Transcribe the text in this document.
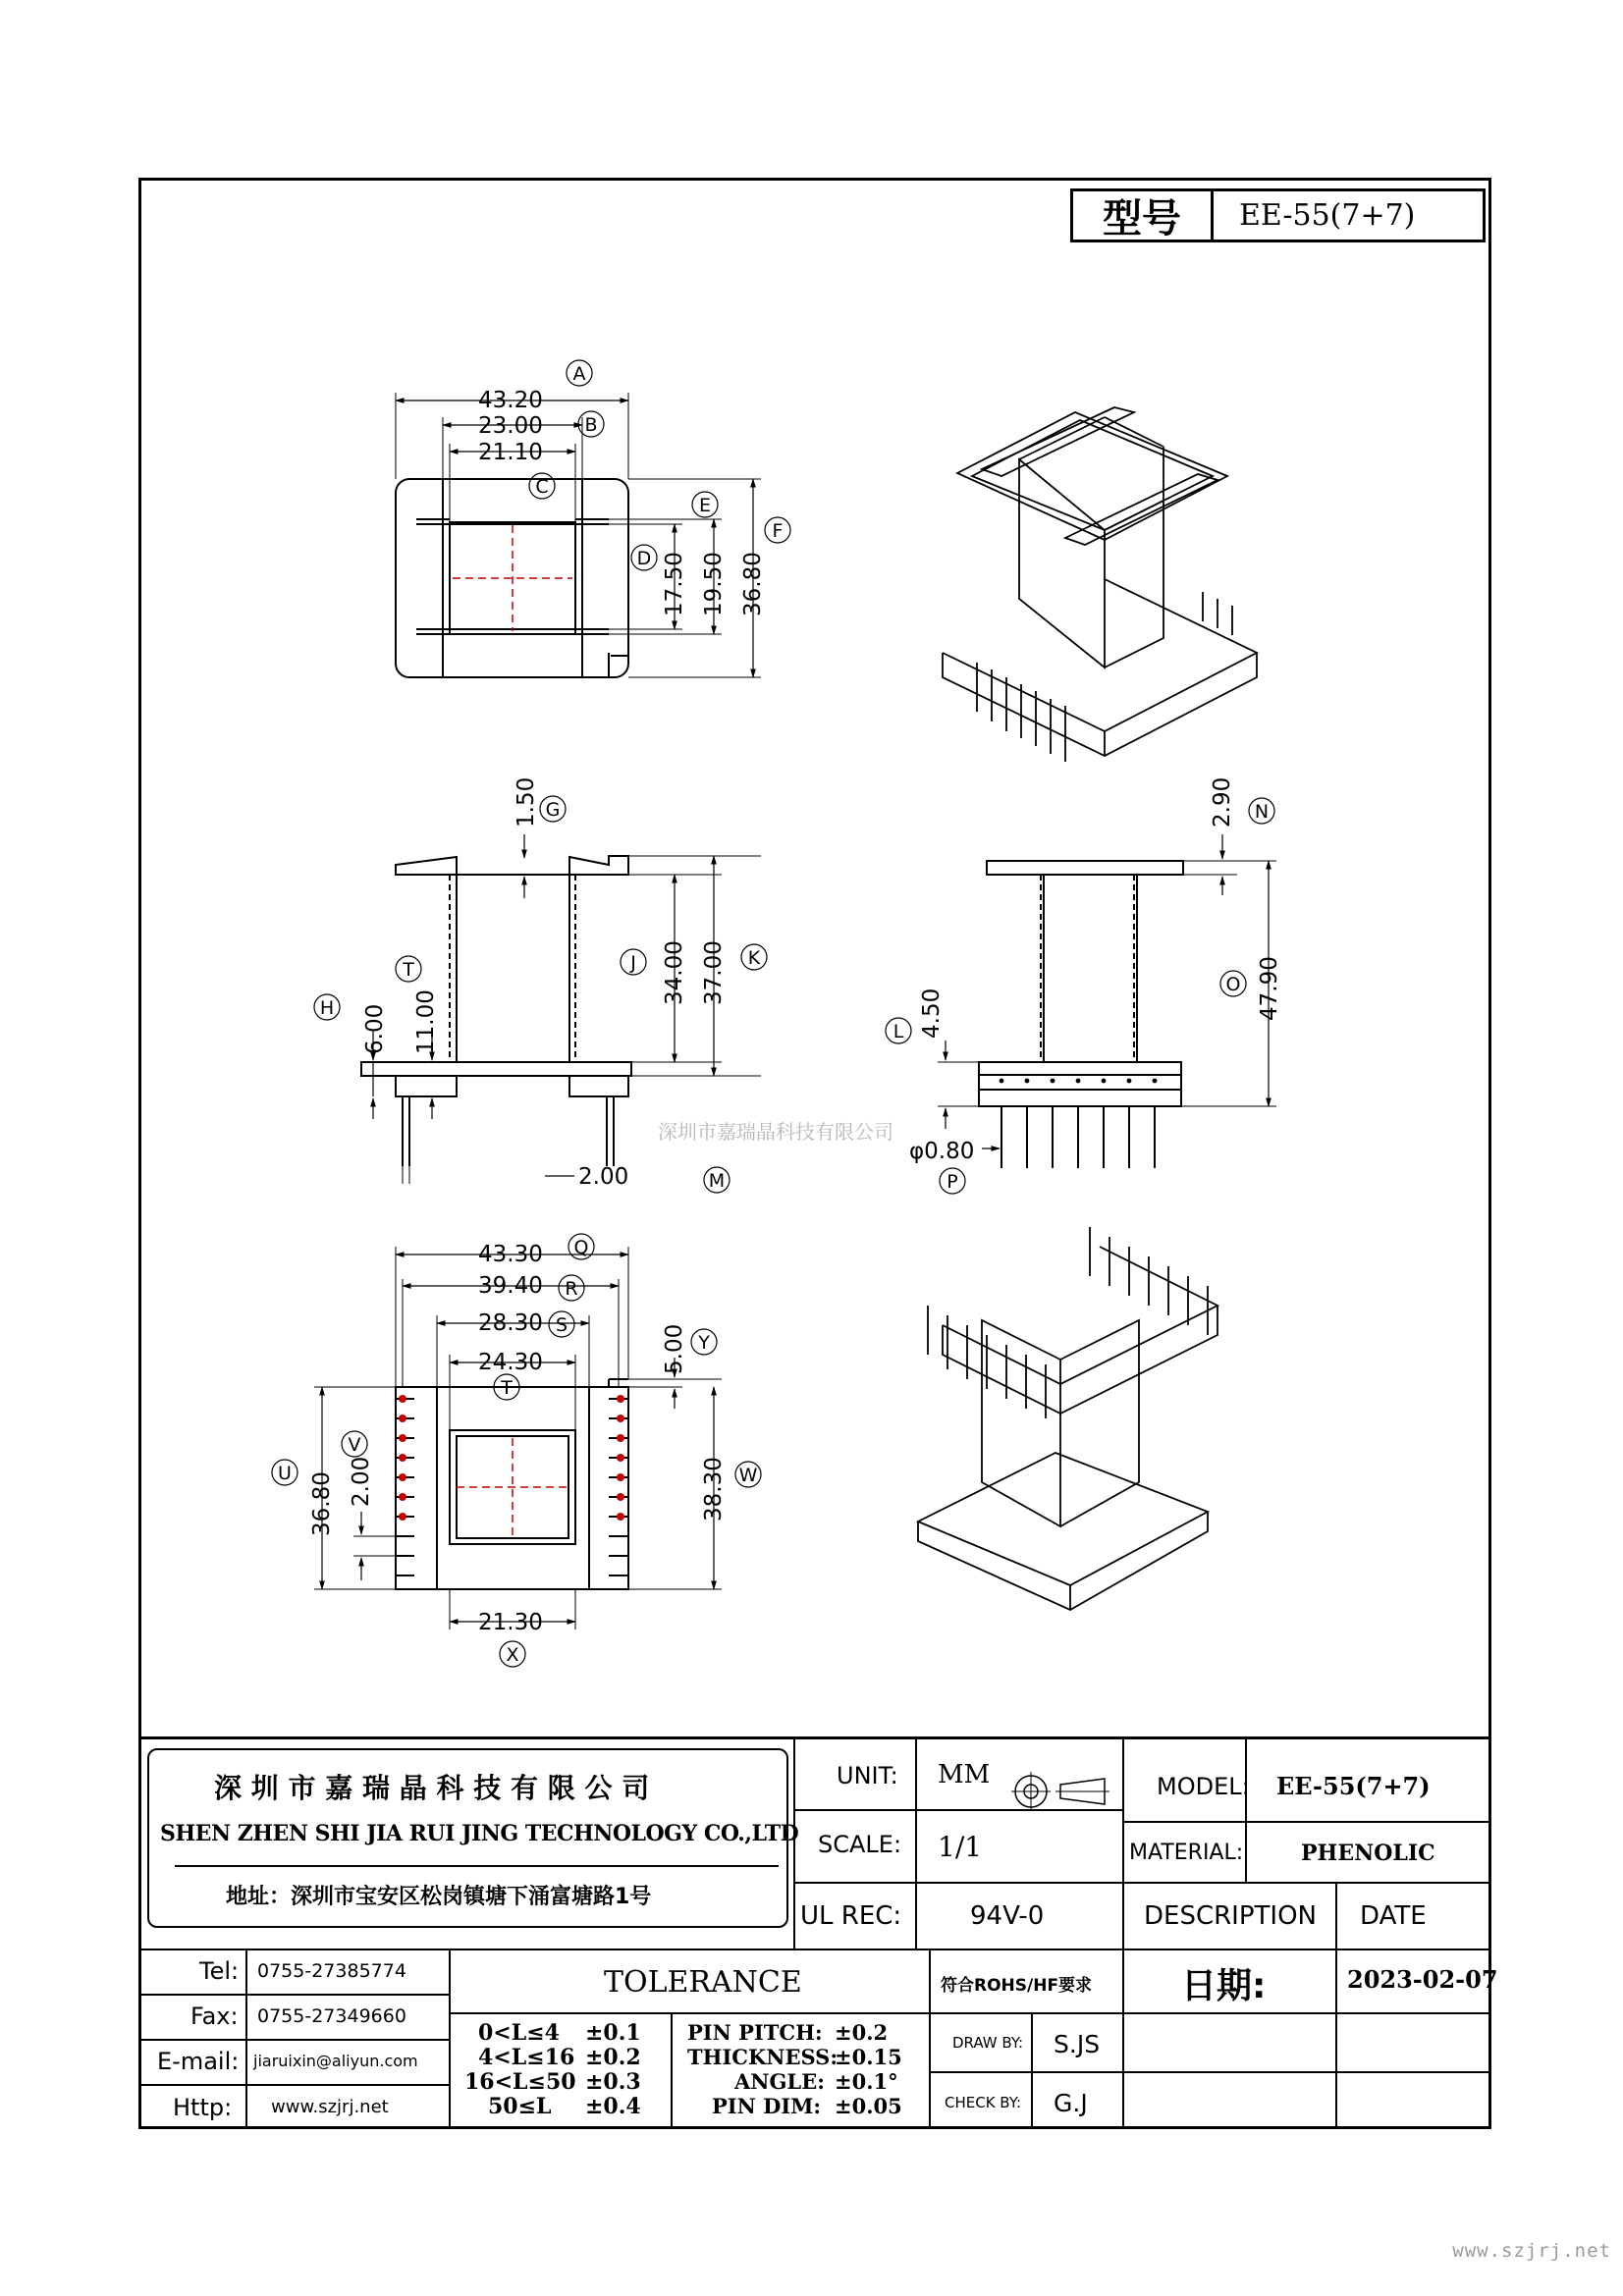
型号	EE-55(7+7)
43.20
23.00
21.10
17.50 19.50 36.80
1.50
6.00 11.00
34.00 37.00
2.00
2.90
47.90
4.50
φ0.80
43.30
39.40
28.30
24.30	5.00
36.80 2.00	38.30
21.30
A
B
C
D
E
F
G
H
T	J	K
M
N
O
L
P
Q
R
S
Y
U
V
W
X
T
深圳市嘉瑞晶科技有限公司
深 圳 市 嘉 瑞 晶 科 技 有 限 公 司
SHEN ZHEN SHI JIA RUI JING TECHNOLOGY CO.,LTD
地址：深圳市宝安区松岗镇塘下涌富塘路1号
UNIT: MM
SCALE: 1/1
MODEL: EE-55(7+7)
MATERIAL:	PHENOLIC
UL REC:	94V-0	DESCRIPTION DATE
Tel: 0755-27385774
Fax: 0755-27349660
E-mail: jiaruixin@aliyun.com
Http: www.szjrj.net
TOLERANCE
0<L≤4 ±0.1
4<L≤16 ±0.2
16<L≤50 ±0.3
50≤L ±0.4
PIN PITCH: ±0.2
THICKNESS:
±0.15
ANGLE: ±0.1°
PIN DIM: ±0.05
符合ROHS/HF要求
DRAW BY: S.JS
CHECK BY: G.J
日期:	2023-02-07
www.szjrj.net
